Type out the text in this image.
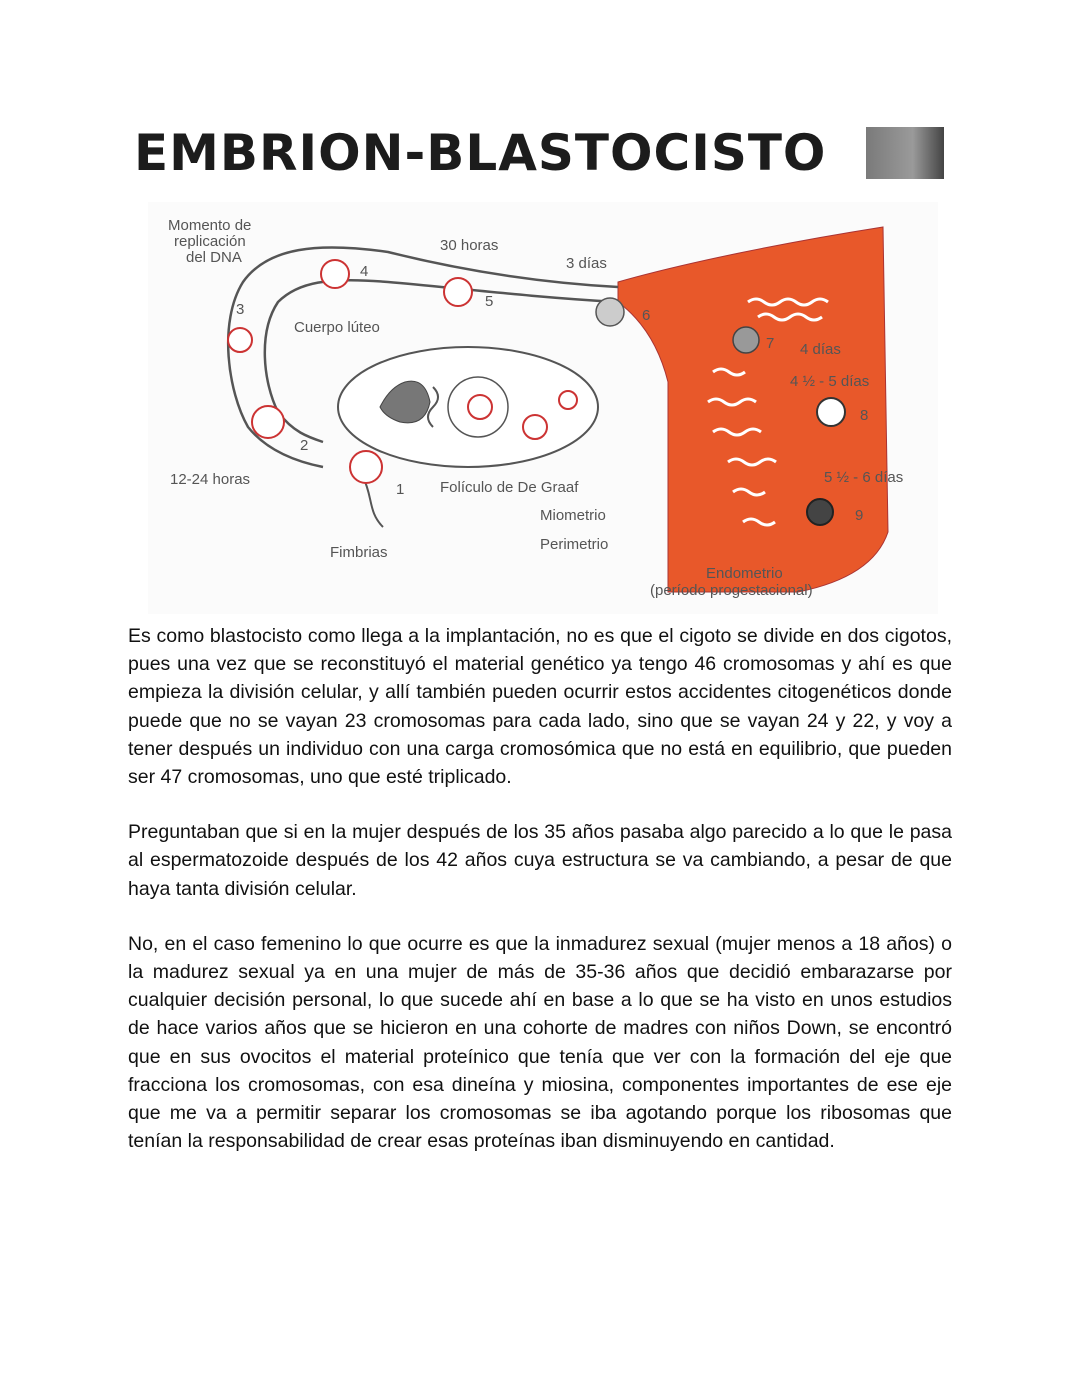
EMBRION-BLASTOCISTO
1
2
3
4
5
6
7
8
9
Momento de
replicación
del DNA
30 horas
3 días
Cuerpo lúteo
4 días
4 ½ - 5 días
12-24 horas	Folículo de De Graaf
Miometrio
Perimetrio
5 ½ - 6 días
Fimbrias
Endometrio
(período progestacional)

Es como blastocisto como llega a la implantación, no es que el cigoto se divide en dos cigotos, pues una vez que se reconstituyó el material genético ya tengo 46 cromosomas y ahí es que empieza la división celular, y allí también pueden ocurrir estos accidentes citogenéticos donde puede que no se vayan 23 cromosomas para cada lado, sino que se vayan 24 y 22, y voy a tener después un individuo con una carga cromosómica que no está en equilibrio, que pueden ser 47 cromosomas, uno que esté triplicado.

Preguntaban que si en la mujer después de los 35 años pasaba algo parecido a lo que le pasa al espermatozoide después de los 42 años cuya estructura se va cambiando, a pesar de que haya tanta división celular.

No, en el caso femenino lo que ocurre es que la inmadurez sexual (mujer menos a 18 años) o la madurez sexual ya en una mujer de más de 35-36 años que decidió embarazarse por cualquier decisión personal, lo que sucede ahí en base a lo que se ha visto en unos estudios de hace varios años que se hicieron en una cohorte de madres con niños Down, se encontró que en sus ovocitos el material proteínico que tenía que ver con la formación del eje que fracciona los cromosomas, con esa dineína y miosina, componentes importantes de ese eje que me va a permitir separar los cromosomas se iba agotando porque los ribosomas que tenían la responsabilidad de crear esas proteínas iban disminuyendo en cantidad.
